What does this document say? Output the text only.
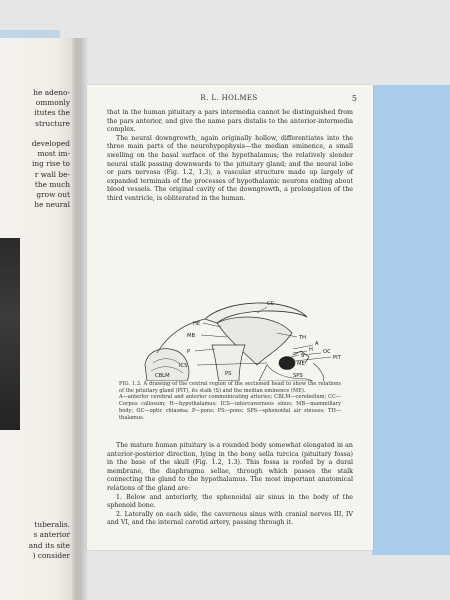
he adeno-
ommonly
itutes the
structure

developed
most im-
ing rise to
r wall be-
the much
grow out
he neural
tuberalis.
s anterior
and its site
) consider
R. L. HOLMES	5

that in the human pituitary a pars intermedia cannot be distinguished from the pars anterior, and give the name pars distalis to the anterior-intermedia complex.

The neural downgrowth, again originally hollow, differentiates into the three main parts of the neurohypophysis—the median eminence, a small swelling on the basal surface of the hypothalamus; the relatively slender neural stalk passing downwards to the pituitary gland; and the neural lobe or pars nervosa (Fig. 1.2, 1.3), a vascular structure made up largely of expanded terminals of the processes of hypothalamic neurons ending about blood vessels. The original cavity of the downgrowth, a prolongation of the third ventricle, is obliterated in the human.

CC
HE
MB
P
ICS
TH
A
H OC
PIT
S
ME
PS
CBLM	SPS
FIG. 1.3. A drawing of the central region of the sectioned head to show the relations of the pituitary gland (PIT), its stalk (S) and the median eminence (ME).
A—anterior cerebral and anterior communicating arteries; CBLM—cerebellum; CC—Corpus callosum; H—hypothalamus; ICS—intercavernous sinus; MB—mammillary body; OC—optic chiasma; P—pons; PS—pons; SPS—sphenoidal air sinuses; TH—thalamus.

The mature human pituitary is a rounded body somewhat elongated in an anterior-posterior direction, lying in the bony sella turcica (pituitary fossa) in the base of the skull (Fig. 1.2, 1.3). This fossa is roofed by a dural membrane, the diaphragma sellae, through which passes the stalk connecting the gland to the hypothalamus. The most important anatomical relations of the gland are:

1. Below and anteriorly, the sphenoidal air sinus in the body of the sphenoid bone.

2. Laterally on each side, the cavernous sinus with cranial nerves III, IV and VI, and the internal carotid artery, passing through it.
